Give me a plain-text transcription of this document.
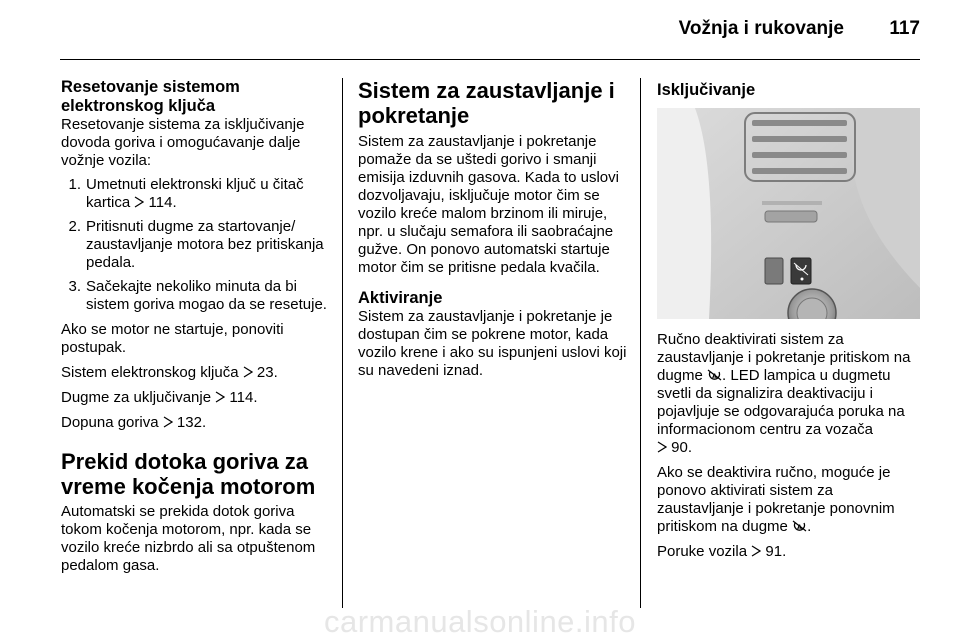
Vožnja i rukovanje 117
Resetovanje sistemom elektronskog ključa
Resetovanje sistema za isključivanje dovoda goriva i omogućavanje dalje vožnje vozila:
1. Umetnuti elektronski ključ u čitač kartica 114.
2. Pritisnuti dugme za startovanje/ zaustavljanje motora bez pritiskanja pedala.
3. Sačekajte nekoliko minuta da bi sistem goriva mogao da se resetuje.
Ako se motor ne startuje, ponoviti postupak.
Sistem elektronskog ključa 23.
Dugme za uključivanje 114.
Dopuna goriva 132.
Prekid dotoka goriva za vreme kočenja motorom
Automatski se prekida dotok goriva tokom kočenja motorom, npr. kada se vozilo kreće nizbrdo ali sa otpuštenom pedalom gasa.
Sistem za zaustavljanje i pokretanje
Sistem za zaustavljanje i pokretanje pomaže da se uštedi gorivo i smanji emisija izduvnih gasova. Kada to uslovi dozvoljavaju, isključuje motor čim se vozilo kreće malom brzinom ili miruje, npr. u slučaju semafora ili saobraćajne gužve. On ponovo automatski startuje motor čim se pritisne pedala kvačila.
Aktiviranje
Sistem za zaustavljanje i pokretanje je dostupan čim se pokrene motor, kada vozilo krene i ako su ispunjeni uslovi koji su navedeni iznad.
Isključivanje
Ručno deaktivirati sistem za zaustavljanje i pokretanje pritiskom na dugme . LED lampica u dugmetu svetli da signalizira deaktivaciju i pojavljuje se odgovarajuća poruka na informacionom centru za vozača
90.
Ako se deaktivira ručno, moguće je ponovo aktivirati sistem za zaustavljanje i pokretanje ponovnim pritiskom na dugme .
Poruke vozila 91.
carmanualsonline.info
